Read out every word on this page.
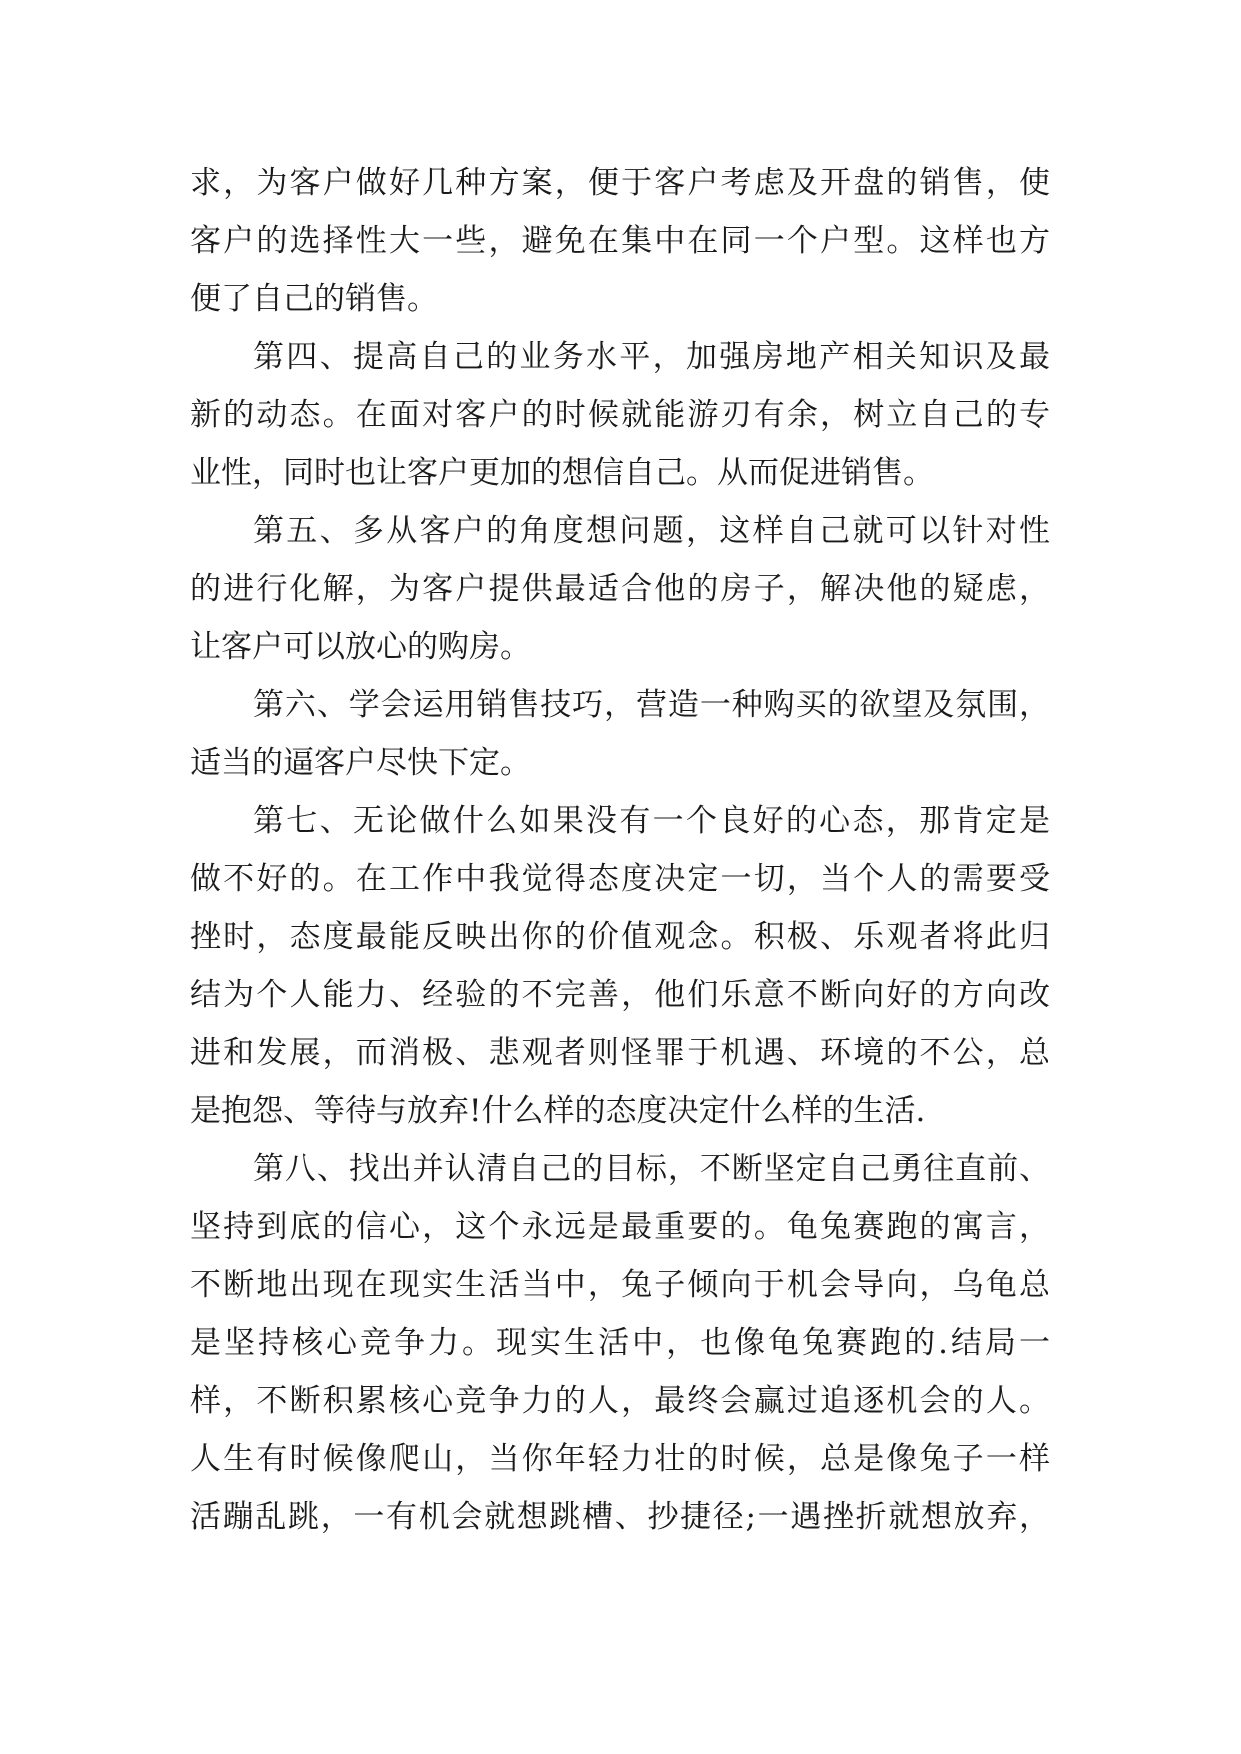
求，为客户做好几种方案，便于客户考虑及开盘的销售，使
客户的选择性大一些，避免在集中在同一个户型。这样也方
便了自己的销售。
第四、提高自己的业务水平，加强房地产相关知识及最
新的动态。在面对客户的时候就能游刃有余，树立自己的专
业性，同时也让客户更加的想信自己。从而促进销售。
第五、多从客户的角度想问题，这样自己就可以针对性
的进行化解，为客户提供最适合他的房子，解决他的疑虑，
让客户可以放心的购房。
第六、学会运用销售技巧，营造一种购买的欲望及氛围，
适当的逼客户尽快下定。
第七、无论做什么如果没有一个良好的心态，那肯定是
做不好的。在工作中我觉得态度决定一切，当个人的需要受
挫时，态度最能反映出你的价值观念。积极、乐观者将此归
结为个人能力、经验的不完善，他们乐意不断向好的方向改
进和发展，而消极、悲观者则怪罪于机遇、环境的不公，总
是抱怨、等待与放弃!什么样的态度决定什么样的生活.
第八、找出并认清自己的目标，不断坚定自己勇往直前、
坚持到底的信心，这个永远是最重要的。龟兔赛跑的寓言，
不断地出现在现实生活当中，兔子倾向于机会导向，乌龟总
是坚持核心竞争力。现实生活中，也像龟兔赛跑的.结局一
样，不断积累核心竞争力的人，最终会赢过追逐机会的人。
人生有时候像爬山，当你年轻力壮的时候，总是像兔子一样
活蹦乱跳，一有机会就想跳槽、抄捷径;一遇挫折就想放弃，
